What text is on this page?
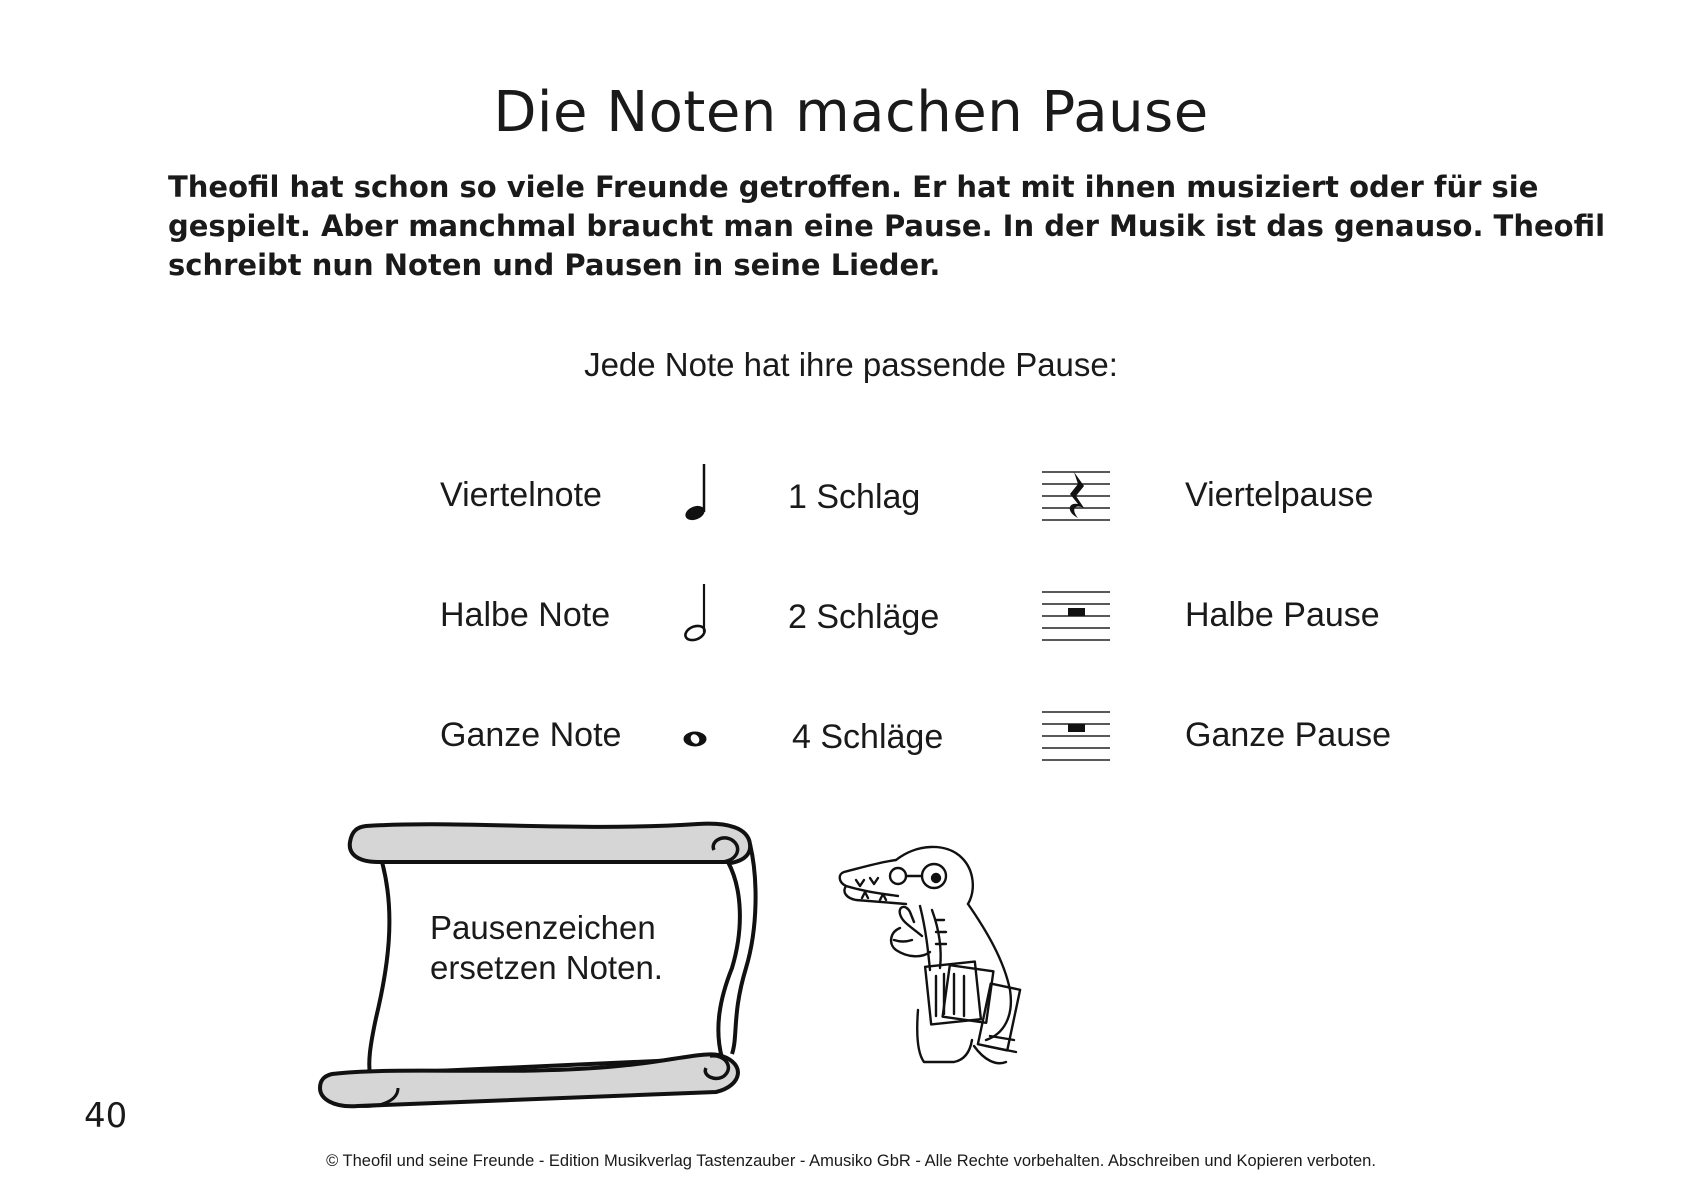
Die Noten machen Pause
Theofil hat schon so viele Freunde getroffen. Er hat mit ihnen musiziert oder für sie
gespielt. Aber manchmal braucht man eine Pause. In der Musik ist das genauso. Theofil
schreibt nun Noten und Pausen in seine Lieder.
Jede Note hat ihre passende Pause:
Viertelnote	1 Schlag	Viertelpause
Halbe Note	2 Schläge	Halbe Pause
Ganze Note	4 Schläge	Ganze Pause
Pausenzeichen
ersetzen Noten.
40
© Theofil und seine Freunde - Edition Musikverlag Tastenzauber - Amusiko GbR - Alle Rechte vorbehalten. Abschreiben und Kopieren verboten.
